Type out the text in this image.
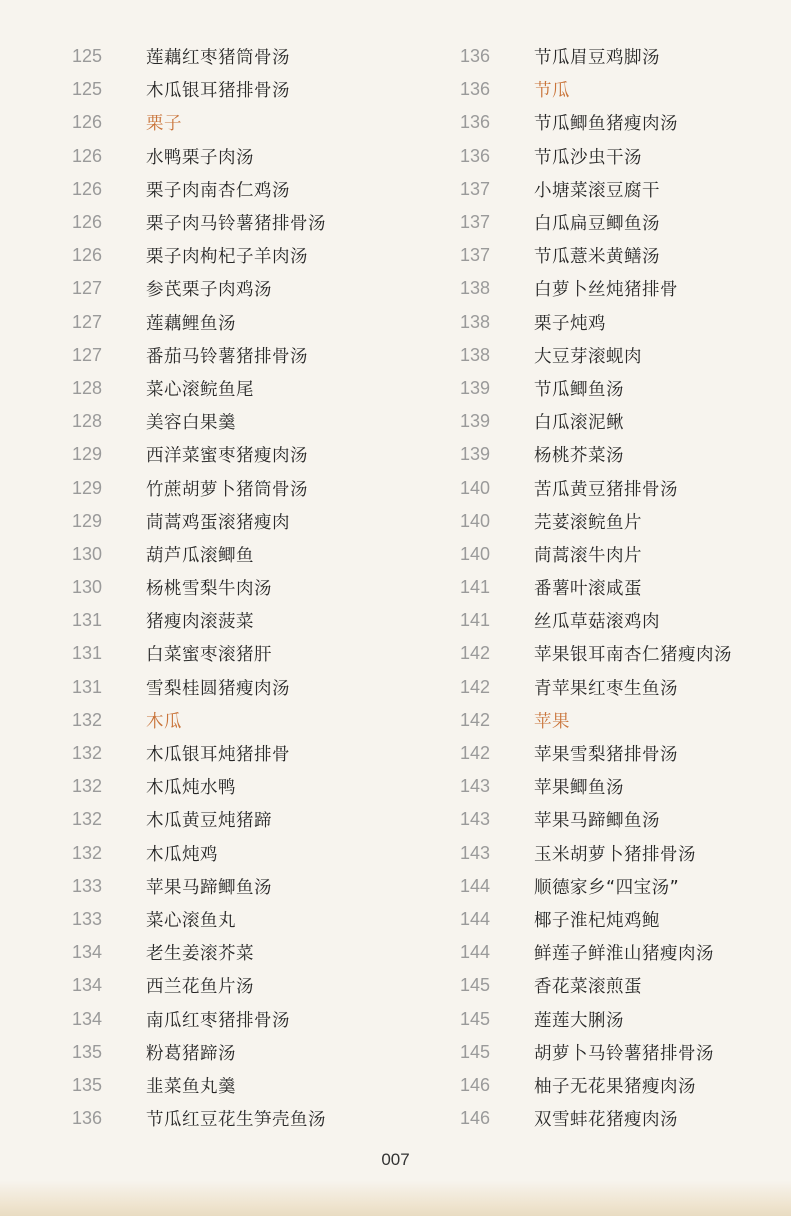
125	莲藕红枣猪筒骨汤
125	木瓜银耳猪排骨汤
126	栗子
126	水鸭栗子肉汤
126	栗子肉南杏仁鸡汤
126	栗子肉马铃薯猪排骨汤
126	栗子肉枸杞子羊肉汤
127	参芪栗子肉鸡汤
127	莲藕鲤鱼汤
127	番茄马铃薯猪排骨汤
128	菜心滚鲩鱼尾
128	美容白果羹
129	西洋菜蜜枣猪瘦肉汤
129	竹蔗胡萝卜猪筒骨汤
129	茼蒿鸡蛋滚猪瘦肉
130	葫芦瓜滚鲫鱼
130	杨桃雪梨牛肉汤
131	猪瘦肉滚菠菜
131	白菜蜜枣滚猪肝
131	雪梨桂圆猪瘦肉汤
132	木瓜
132	木瓜银耳炖猪排骨
132	木瓜炖水鸭
132	木瓜黄豆炖猪蹄
132	木瓜炖鸡
133	苹果马蹄鲫鱼汤
133	菜心滚鱼丸
134	老生姜滚芥菜
134	西兰花鱼片汤
134	南瓜红枣猪排骨汤
135	粉葛猪蹄汤
135	韭菜鱼丸羹
136	节瓜红豆花生笋壳鱼汤
136	节瓜眉豆鸡脚汤
136	节瓜
136	节瓜鲫鱼猪瘦肉汤
136	节瓜沙虫干汤
137	小塘菜滚豆腐干
137	白瓜扁豆鲫鱼汤
137	节瓜薏米黄鳝汤
138	白萝卜丝炖猪排骨
138	栗子炖鸡
138	大豆芽滚蚬肉
139	节瓜鲫鱼汤
139	白瓜滚泥鳅
139	杨桃芥菜汤
140	苦瓜黄豆猪排骨汤
140	芫荽滚鲩鱼片
140	茼蒿滚牛肉片
141	番薯叶滚咸蛋
141	丝瓜草菇滚鸡肉
142	苹果银耳南杏仁猪瘦肉汤
142	青苹果红枣生鱼汤
142	苹果
142	苹果雪梨猪排骨汤
143	苹果鲫鱼汤
143	苹果马蹄鲫鱼汤
143	玉米胡萝卜猪排骨汤
144	顺德家乡“四宝汤”
144	椰子淮杞炖鸡鲍
144	鲜莲子鲜淮山猪瘦肉汤
145	香花菜滚煎蛋
145	莲莲大脷汤
145	胡萝卜马铃薯猪排骨汤
146	柚子无花果猪瘦肉汤
146	双雪蚌花猪瘦肉汤
007
